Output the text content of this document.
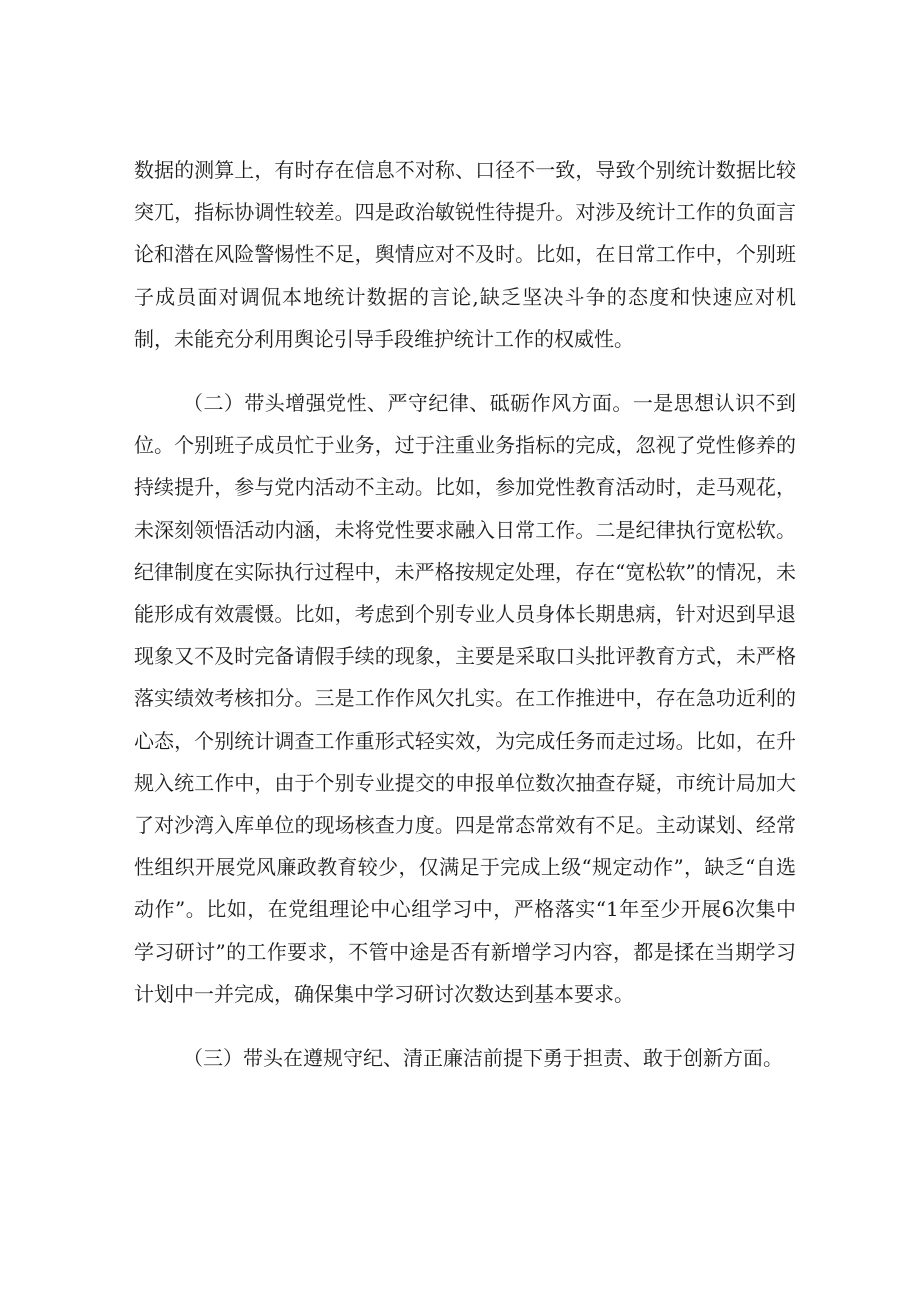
数据的测算上，有时存在信息不对称、口径不一致，导致个别统计数据比较突兀，指标协调性较差。四是政治敏锐性待提升。对涉及统计工作的负面言论和潜在风险警惕性不足，舆情应对不及时。比如，在日常工作中，个别班子成员面对调侃本地统计数据的言论,缺乏坚决斗争的态度和快速应对机制，未能充分利用舆论引导手段维护统计工作的权威性。

（二）带头增强党性、严守纪律、砥砺作风方面。一是思想认识不到位。个别班子成员忙于业务，过于注重业务指标的完成，忽视了党性修养的持续提升，参与党内活动不主动。比如，参加党性教育活动时，走马观花，未深刻领悟活动内涵，未将党性要求融入日常工作。二是纪律执行宽松软。纪律制度在实际执行过程中，未严格按规定处理，存在“宽松软”的情况，未能形成有效震慑。比如，考虑到个别专业人员身体长期患病，针对迟到早退现象又不及时完备请假手续的现象，主要是采取口头批评教育方式，未严格落实绩效考核扣分。三是工作作风欠扎实。在工作推进中，存在急功近利的心态，个别统计调查工作重形式轻实效，为完成任务而走过场。比如，在升规入统工作中，由于个别专业提交的申报单位数次抽查存疑，市统计局加大了对沙湾入库单位的现场核查力度。四是常态常效有不足。主动谋划、经常性组织开展党风廉政教育较少，仅满足于完成上级“规定动作”，缺乏“自选动作”。比如，在党组理论中心组学习中，严格落实“1年至少开展6次集中学习研讨”的工作要求，不管中途是否有新增学习内容，都是揉在当期学习计划中一并完成，确保集中学习研讨次数达到基本要求。

（三）带头在遵规守纪、清正廉洁前提下勇于担责、敢于创新方面。
